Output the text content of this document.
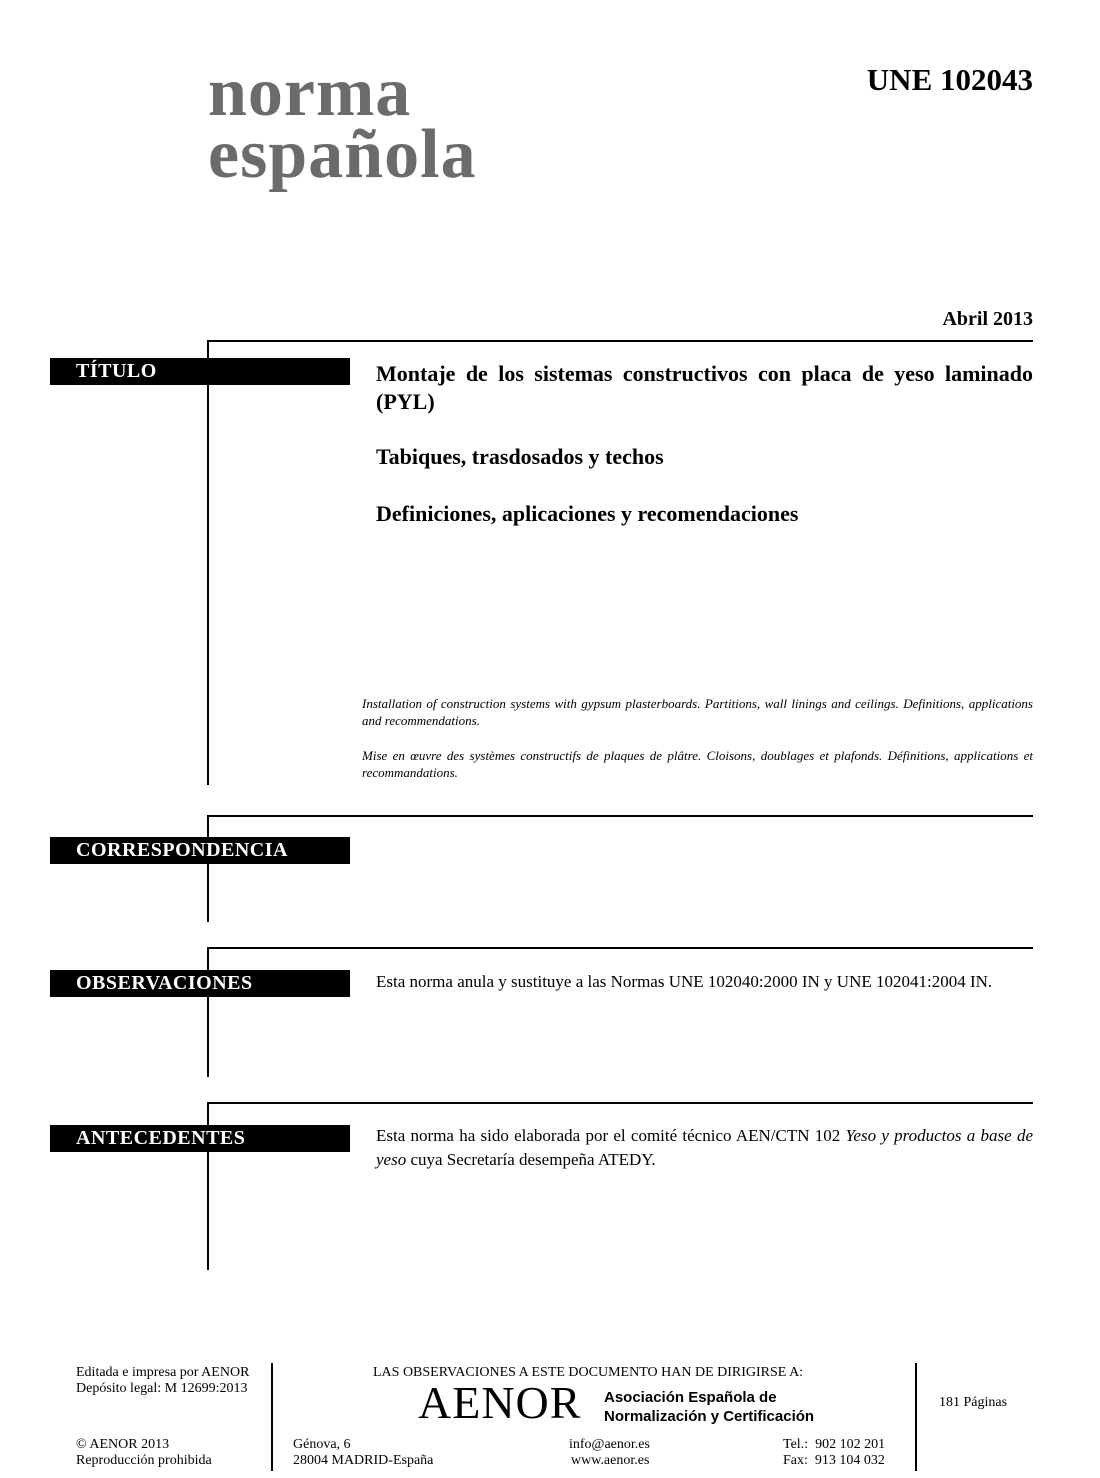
norma
española
UNE 102043
Abril 2013
TÍTULO	Montaje de los sistemas constructivos con placa de yeso laminado (PYL)
Tabiques, trasdosados y techos
Definiciones, aplicaciones y recomendaciones
Installation of construction systems with gypsum plasterboards. Partitions, wall linings and ceilings. Definitions, applications and recommendations.
Mise en œuvre des systèmes constructifs de plaques de plâtre. Cloisons, doublages et plafonds. Définitions, applications et recommandations.
CORRESPONDENCIA
OBSERVACIONES	Esta norma anula y sustituye a las Normas UNE 102040:2000 IN y UNE 102041:2004 IN.
ANTECEDENTES	Esta norma ha sido elaborada por el comité técnico AEN/CTN 102 Yeso y productos a base de yeso cuya Secretaría desempeña ATEDY.
Editada e impresa por AENOR
Depósito legal: M 12699:2013
© AENOR 2013
Reproducción prohibida
LAS OBSERVACIONES A ESTE DOCUMENTO HAN DE DIRIGIRSE A:
AENOR Asociación Española de
Normalización y Certificación
Génova, 6
28004 MADRID-España
info@aenor.es
www.aenor.es
Tel.: 902 102 201
Fax: 913 104 032
181 Páginas
